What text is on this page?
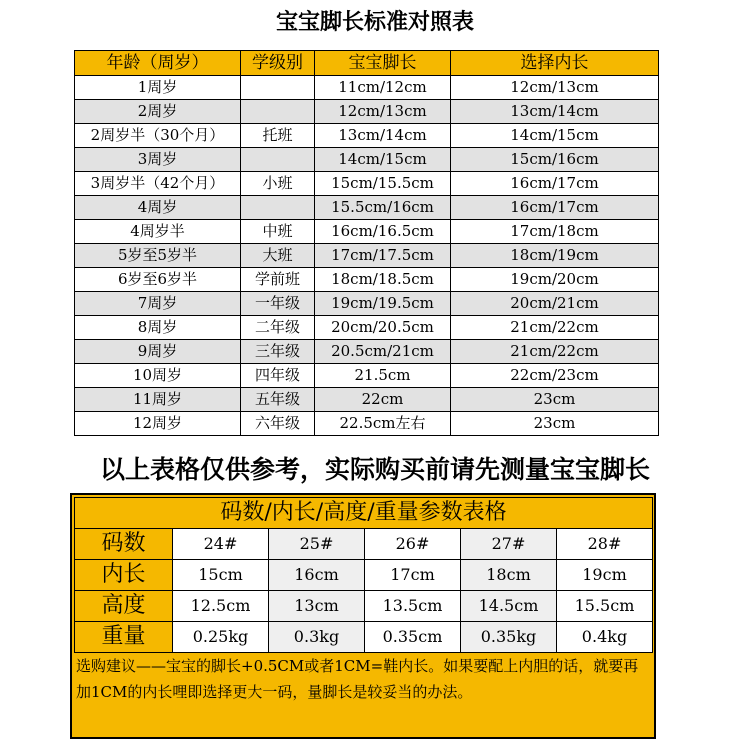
宝宝脚长标准对照表
年龄（周岁）	学级别	宝宝脚长	选择内长
1周岁		11cm/12cm	12cm/13cm
2周岁		12cm/13cm	13cm/14cm
2周岁半（30个月）	托班	13cm/14cm	14cm/15cm
3周岁		14cm/15cm	15cm/16cm
3周岁半（42个月）	小班	15cm/15.5cm	16cm/17cm
4周岁		15.5cm/16cm	16cm/17cm
4周岁半	中班	16cm/16.5cm	17cm/18cm
5岁至5岁半	大班	17cm/17.5cm	18cm/19cm
6岁至6岁半	学前班	18cm/18.5cm	19cm/20cm
7周岁	一年级	19cm/19.5cm	20cm/21cm
8周岁	二年级	20cm/20.5cm	21cm/22cm
9周岁	三年级	20.5cm/21cm	21cm/22cm
10周岁	四年级	21.5cm	22cm/23cm
11周岁	五年级	22cm	23cm
12周岁	六年级	22.5cm左右	23cm
以上表格仅供参考，实际购买前请先测量宝宝脚长
码数/内长/高度/重量参数表格					
码数	24#	25#	26#	27#	28#
内长	15cm	16cm	17cm	18cm	19cm
高度	12.5cm	13cm	13.5cm	14.5cm	15.5cm
重量	0.25kg	0.3kg	0.35cm	0.35kg	0.4kg
选购建议——宝宝的脚长+0.5CM或者1CM=鞋内长。如果要配上内胆的话，就要再加1CM的内长哩即选择更大一码，量脚长是较妥当的办法。
